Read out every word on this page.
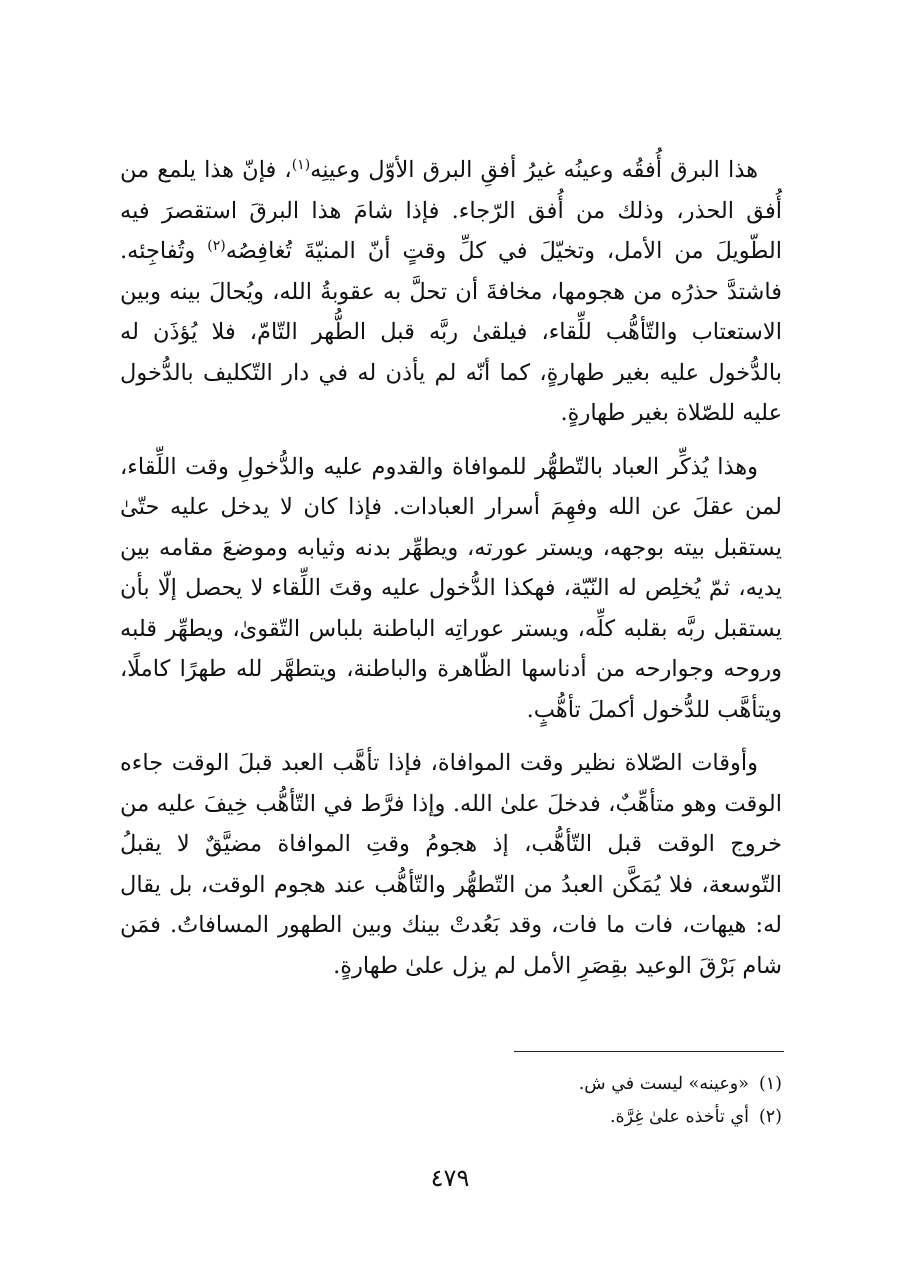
هذا البرق أُفقُه وعينُه غيرُ أفقِ البرق الأوّل وعينِه$^{(١)}$، فإنّ هذا يلمع من أُفق الحذر، وذلك من أُفق الرّجاء. فإذا شامَ هذا البرقَ استقصرَ فيه الطّويلَ من الأمل، وتخيّلَ في كلِّ وقتٍ أنّ المنيّةَ تُغافِصُه$^{(٢)}$ وتُفاجِئه. فاشتدَّ حذرُه من هجومها، مخافةَ أن تحلَّ به عقوبةُ الله، ويُحالَ بينه وبين الاستعتاب والتّأهُّب للِّقاء، فيلقىٰ ربَّه قبل الطُّهر التّامّ، فلا يُؤذَن له بالدُّخول عليه بغير طهارةٍ، كما أنّه لم يأذن له في دار التّكليف بالدُّخول عليه للصّلاة بغير طهارةٍ.

وهذا يُذكِّر العباد بالتّطهُّر للموافاة والقدوم عليه والدُّخولِ وقت اللِّقاء، لمن عقلَ عن الله وفهِمَ أسرار العبادات. فإذا كان لا يدخل عليه حتّىٰ يستقبل بيته بوجهه، ويستر عورته، ويطهِّر بدنه وثيابه وموضعَ مقامه بين يديه، ثمّ يُخلِص له النّيّة، فهكذا الدُّخول عليه وقتَ اللِّقاء لا يحصل إلّا بأن يستقبل ربَّه بقلبه كلِّه، ويستر عوراتِه الباطنة بلباس التّقوىٰ، ويطهِّر قلبه وروحه وجوارحه من أدناسها الظّاهرة والباطنة، ويتطهَّر لله طهرًا كاملًا، ويتأهَّب للدُّخول أكملَ تأهُّبٍ.

وأوقات الصّلاة نظير وقت الموافاة، فإذا تأهَّب العبد قبلَ الوقت جاءه الوقت وهو متأهِّبٌ، فدخلَ علىٰ الله. وإذا فرَّط في التّأهُّب خِيفَ عليه من خروج الوقت قبل التّأهُّب، إذ هجومُ وقتِ الموافاة مضيَّقٌ لا يقبلُ التّوسعة، فلا يُمَكَّن العبدُ من التّطهُّر والتّأهُّب عند هجوم الوقت، بل يقال له: هيهات، فات ما فات، وقد بَعُدتْ بينك وبين الطهور المسافاتُ. فمَن شام بَرْقَ الوعيد بقِصَرِ الأمل لم يزل علىٰ طهارةٍ.

(١)
«وعينه» ليست في ش.

(٢)
أي تأخذه علىٰ غِرَّة.

٤٧٩
